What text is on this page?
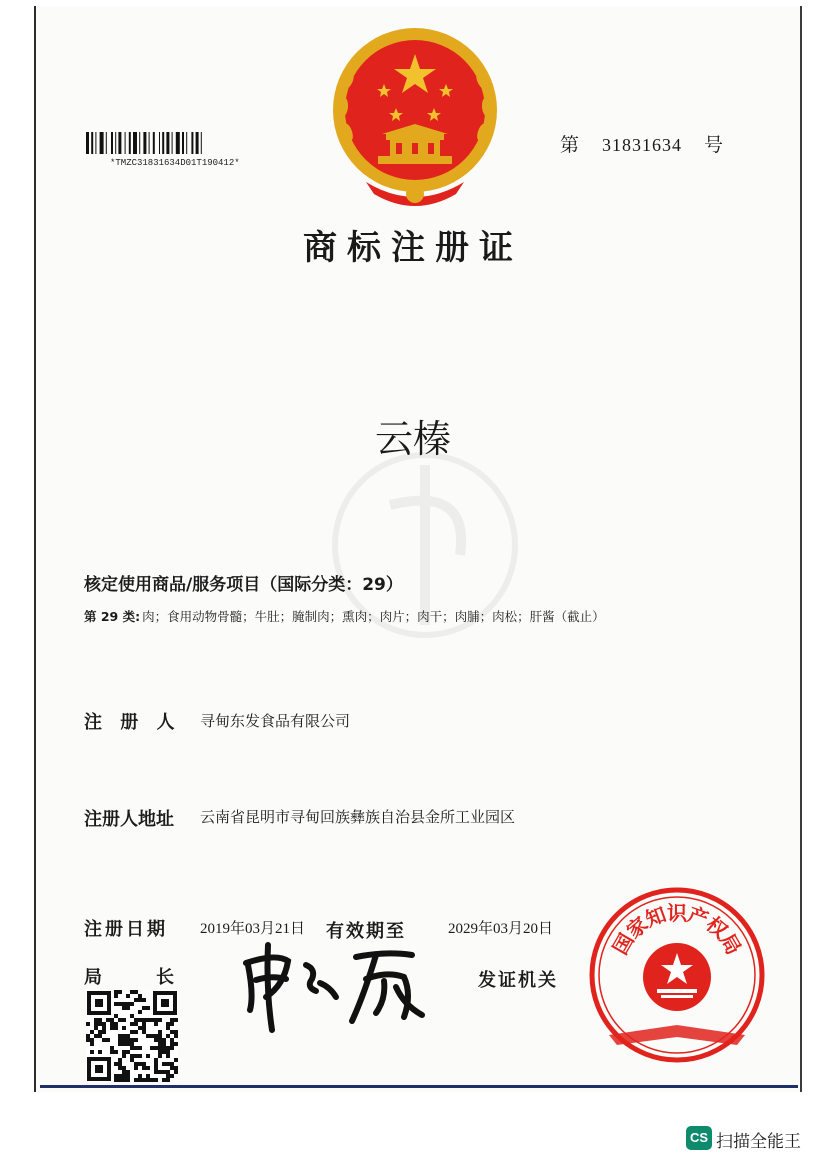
*TMZC31831634D01T190412*
第 31831634 号
商标注册证
云榛
核定使用商品/服务项目（国际分类：29）
第 29 类: 肉；食用动物骨髓；牛肚；腌制肉；熏肉；肉片；肉干；肉脯；肉松；肝酱（截止）
注 册 人 寻甸东发食品有限公司
注册人地址 云南省昆明市寻甸回族彝族自治县金所工业园区
注册日期 2019年03月21日 有效期至	2029年03月20日
局　　　长	发证机关
国
家
知
识
产
权
局
CS 扫描全能王
